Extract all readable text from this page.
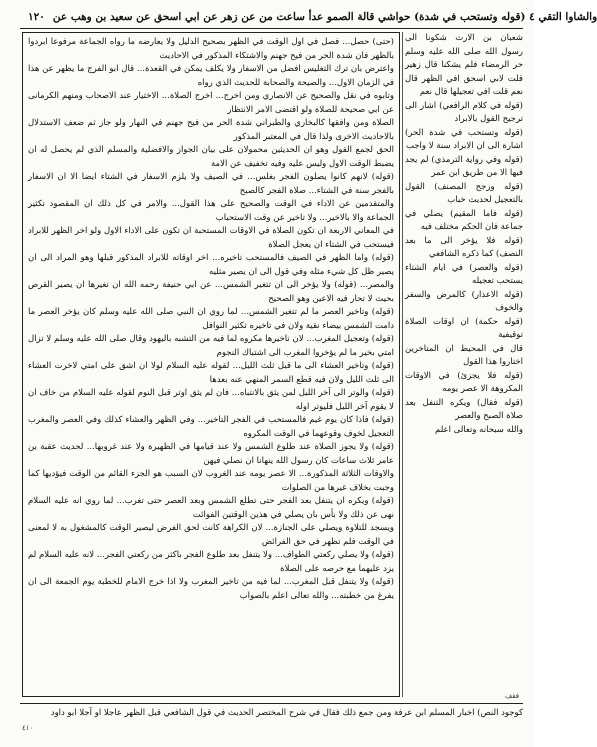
١٢٠ والشاوا التقي ٤ (قوله وتستحب في شدة) حواشي قالة الصمو عدأ ساعت من عن زهر عن ابي اسحق عن سعيد بن وهب عن

(حتى) حصل... فصل في اول الوقت في الظهر بصحيح الدليل ولا يعارضه ما رواه الجماعة مرفوعا ابردوا بالظهر فان شدة الحر من فيح جهنم والاشتكاء المذكور في الاحاديث

واعترض بان ترك التغليس افضل من الاسفار ولا يكلف يمكن في القعدة... قال ابو الفرج ما يظهر عن هذا في الزمان الاول... والصيحة والصحابة للحديث الذي رواه

وتابوه في نقل والصحيح عن الانصاري ومن اخرج... اخرج الصلاة... الاختيار عند الاصحاب ومنهم الكرمانى عن ابي صحيحة للصلاة ولو اقتضى الامر الانتظار

الصلاة ومن وافقها كالبخاري والطبراني شدة الحر من فيح جهنم في النهار ولو جاز ثم ضعف الاستدلال بالاحاديث الاخرى ولذا قال في المعتبر المذكور

الحق لجمع القول وهو ان الحديثين محمولان على بيان الجواز والافضلية والمسلم الذي لم يحصل له ان يضبط الوقت الاول وليس عليه وفيه تخفيف عن الامة

(قوله) لانهم كانوا يصلون الفجر بغلس... في الصيف ولا يلزم الاسفار في الشتاء ايضا الا ان الاسفار بالفجر سنة في الشتاء... صلاة الفجر كالصبح

والمتقدمين عن الاداء في الوقت والصحيح على هذا القول... والامر في كل ذلك ان المقصود تكثير الجماعة والا بالاخير... ولا تاخير عن وقت الاستحباب

في المعاني الاربعة ان تكون الصلاة في الاوقات المستحبة ان تكون على الاداء الاول ولو اخر الظهر للابراد فيستحب في الشتاء ان يعجل الصلاة

(قوله) واما الظهر في الصيف فالمستحب تاخيره... اخر اوقاته للابراد المذكور قبلها وهو المراد الى ان يصير ظل كل شيء مثله وفي قول الى ان يصير مثليه

والمصر... (قوله) ولا يؤخر الى ان تتغير الشمس... عن ابي حنيفة رحمه الله ان تغيرها ان يصير القرص بحيث لا تحار فيه الاعين وهو الصحيح

(قوله) وتاخير العصر ما لم تتغير الشمس... لما روي ان النبي صلى الله عليه وسلم كان يؤخر العصر ما دامت الشمس بيضاء نقية ولان في تاخيره تكثير النوافل

(قوله) وتعجيل المغرب... لان تاخيرها مكروه لما فيه من التشبه باليهود وقال صلى الله عليه وسلم لا تزال امتي بخير ما لم يؤخروا المغرب الى اشتباك النجوم

(قوله) وتاخير العشاء الى ما قبل ثلث الليل... لقوله عليه السلام لولا ان اشق على امتي لاخرت العشاء الى ثلث الليل ولان فيه قطع السمر المنهي عنه بعدها

(قوله) والوتر الى آخر الليل لمن يثق بالانتباه... فان لم يثق اوتر قبل النوم لقوله عليه السلام من خاف ان لا يقوم آخر الليل فليوتر اوله

(قوله) فاذا كان يوم غيم فالمستحب في الفجر التاخير... وفي الظهر والعشاء كذلك وفي العصر والمغرب التعجيل لخوف وقوعهما في الوقت المكروه

(قوله) ولا يجوز الصلاة عند طلوع الشمس ولا عند قيامها في الظهيرة ولا عند غروبها... لحديث عقبة بن عامر ثلاث ساعات كان رسول الله ينهانا ان نصلي فيهن

والاوقات الثلاثة المذكورة... الا عصر يومه عند الغروب لان السبب هو الجزء القائم من الوقت فيؤديها كما وجبت بخلاف غيرها من الصلوات

(قوله) ويكره ان يتنفل بعد الفجر حتى تطلع الشمس وبعد العصر حتى تغرب... لما روي انه عليه السلام نهى عن ذلك ولا بأس بان يصلي في هذين الوقتين الفوائت

ويسجد للتلاوة ويصلي على الجنازة... لان الكراهة كانت لحق الفرض ليصير الوقت كالمشغول به لا لمعنى في الوقت فلم تظهر في حق الفرائض

(قوله) ولا يصلي ركعتي الطواف... ولا يتنفل بعد طلوع الفجر باكثر من ركعتي الفجر... لانه عليه السلام لم يزد عليهما مع حرصه على الصلاة

(قوله) ولا يتنفل قبل المغرب... لما فيه من تاخير المغرب ولا اذا خرج الامام للخطبة يوم الجمعة الى ان يفرغ من خطبته... والله تعالى اعلم بالصواب

شعبان بن الارث شكونا الى رسول الله صلى الله عليه وسلم حر الرمضاء فلم يشكنا قال زهير قلت لابي اسحق افي الظهر قال نعم قلت افي تعجيلها قال نعم

(قوله في كلام الرافعي) اشار الى ترجيح القول بالابراد

(قوله وتستحب في شدة الحر) اشارة الى ان الابراد سنة لا واجب

(قوله وفي رواية الترمذي) لم يجد فيها الا من طريق ابن عمر

(قوله ورجح المصنف) القول بالتعجيل لحديث خباب

(قوله فاما المقيم) يصلي في جماعة فان الحكم مختلف فيه

(قوله فلا يؤخر الى ما بعد النصف) كما ذكره الشافعي

(قوله والعصر) في ايام الشتاء يستحب تعجيله

(قوله الاعذار) كالمرض والسفر والخوف

(قوله حكمة) ان اوقات الصلاة توقيفية

قال في المحيط ان المتاخرين اختاروا هذا القول

(قوله فلا يجزئ) في الاوقات المكروهة الا عصر يومه

(قوله فقال) ويكره التنفل بعد صلاة الصبح والعصر

والله سبحانه وتعالى اعلم

كوجود النص) اخبار المسلم ابن عرفة ومن جمع ذلك فقال في شرح المختصر الحديث في قول الشافعي قبل الظهر عاجلا او آجلا ابو داود
٤١٠
فقف
